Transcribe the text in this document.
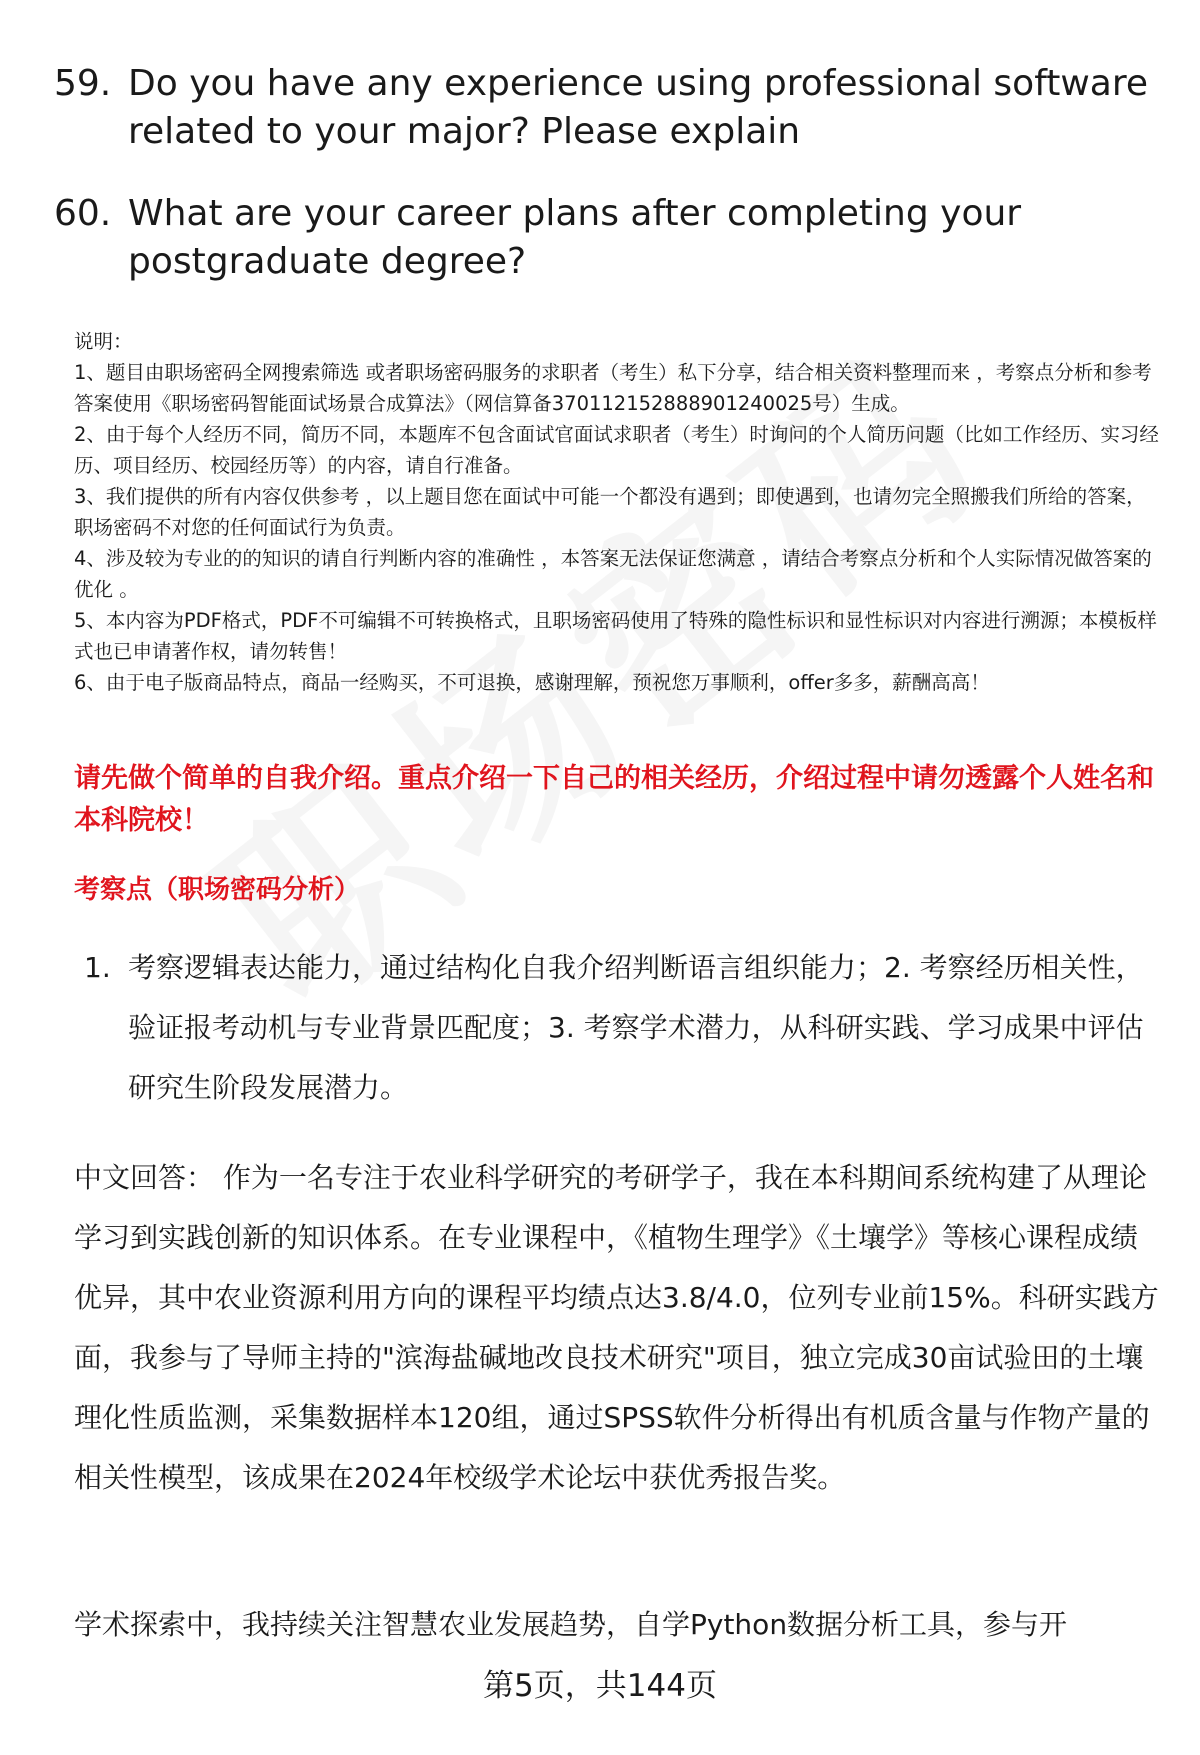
59. Do you have any experience using professional software related to your major? Please explain
60. What are your career plans after completing your postgraduate degree?

说明：

1、题目由职场密码全网搜索筛选 或者职场密码服务的求职者（考生）私下分享，结合相关资料整理而来 ，考察点分析和参考答案使用《职场密码智能面试场景合成算法》（网信算备370112152888901240025号）生成。

2、由于每个人经历不同，简历不同，本题库不包含面试官面试求职者（考生）时询问的个人简历问题（比如工作经历、实习经历、项目经历、校园经历等）的内容，请自行准备。

3、我们提供的所有内容仅供参考 ，以上题目您在面试中可能一个都没有遇到；即使遇到，也请勿完全照搬我们所给的答案，职场密码不对您的任何面试行为负责。

4、涉及较为专业的的知识的请自行判断内容的准确性 ，本答案无法保证您满意 ，请结合考察点分析和个人实际情况做答案的优化 。

5、本内容为PDF格式，PDF不可编辑不可转换格式，且职场密码使用了特殊的隐性标识和显性标识对内容进行溯源；本模板样式也已申请著作权，请勿转售！

6、由于电子版商品特点，商品一经购买，不可退换，感谢理解，预祝您万事顺利，offer多多，薪酬高高！

请先做个简单的自我介绍。重点介绍一下自己的相关经历，介绍过程中请勿透露个人姓名和本科院校！
考察点（职场密码分析）
1. 考察逻辑表达能力，通过结构化自我介绍判断语言组织能力；2. 考察经历相关性，验证报考动机与专业背景匹配度；3. 考察学术潜力，从科研实践、学习成果中评估研究生阶段发展潜力。
中文回答： 作为一名专注于农业科学研究的考研学子，我在本科期间系统构建了从理论学习到实践创新的知识体系。在专业课程中，《植物生理学》《土壤学》等核心课程成绩优异，其中农业资源利用方向的课程平均绩点达3.8/4.0，位列专业前15%。科研实践方面，我参与了导师主持的"滨海盐碱地改良技术研究"项目，独立完成30亩试验田的土壤理化性质监测，采集数据样本120组，通过SPSS软件分析得出有机质含量与作物产量的相关性模型，该成果在2024年校级学术论坛中获优秀报告奖。
学术探索中，我持续关注智慧农业发展趋势，自学Python数据分析工具，参与开
第5页，共144页
